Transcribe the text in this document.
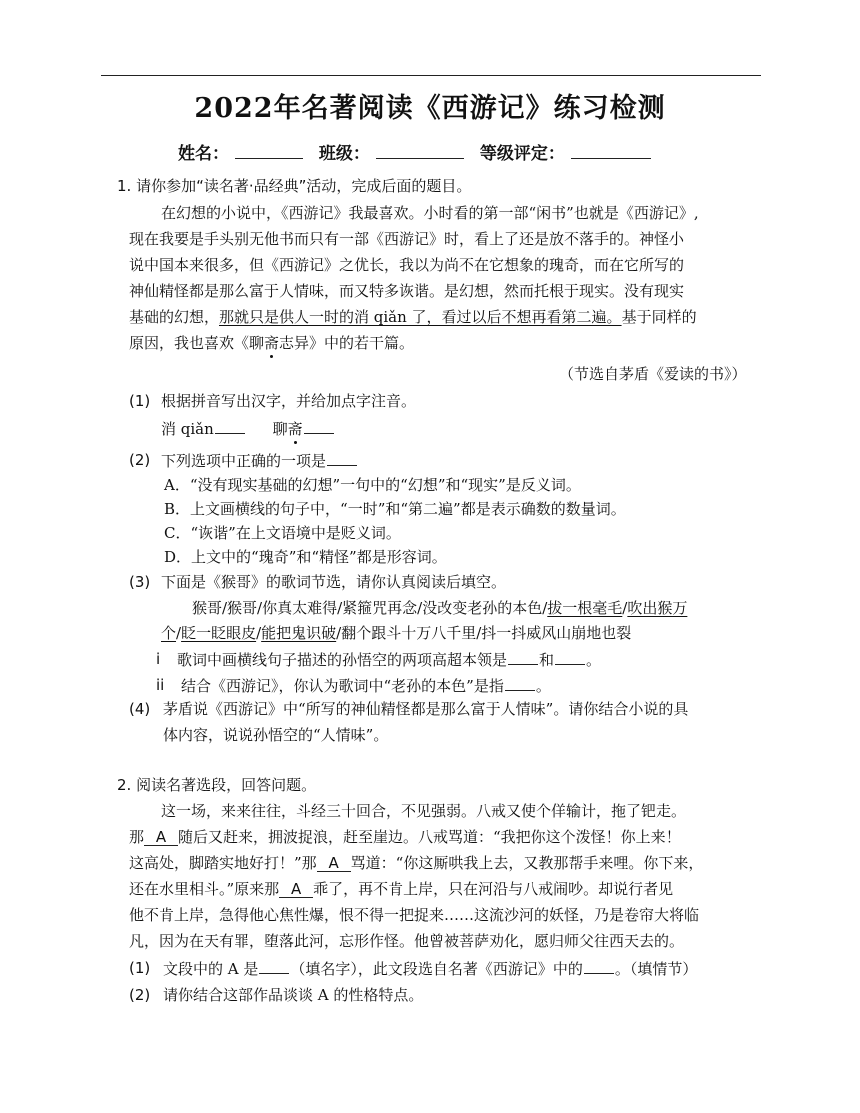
2022年名著阅读《西游记》练习检测
姓名：	班级：	等级评定：
1. 请你参加“读名著·品经典”活动，完成后面的题目。
在幻想的小说中，《西游记》我最喜欢。小时看的第一部“闲书”也就是《西游记》,
现在我要是手头别无他书而只有一部《西游记》时，看上了还是放不落手的。神怪小
说中国本来很多，但《西游记》之优长，我以为尚不在它想象的瑰奇，而在它所写的
神仙精怪都是那么富于人情味，而又特多诙谐。是幻想，然而托根于现实。没有现实
基础的幻想，那就只是供人一时的消 qiǎn 了，看过以后不想再看第二遍。基于同样的
原因，我也喜欢《聊斋志异》中的若干篇。
（节选自茅盾《爱读的书》）
(1) 根据拼音写出汉字，并给加点字注音。
消 qiǎn	聊斋
(2) 下列选项中正确的一项是
A．“没有现实基础的幻想”一句中的“幻想”和“现实”是反义词。
B．上文画横线的句子中，“一时”和“第二遍”都是表示确数的数量词。
C．“诙谐”在上文语境中是贬义词。
D．上文中的“瑰奇”和“精怪”都是形容词。
(3) 下面是《猴哥》的歌词节选，请你认真阅读后填空。
猴哥/猴哥/你真太难得/紧箍咒再念/没改变老孙的本色/拔一根毫毛/吹出猴万
个/眨一眨眼皮/能把鬼识破/翻个跟斗十万八千里/抖一抖威风山崩地也裂
i 歌词中画横线句子描述的孙悟空的两项高超本领是 和 。
ii 结合《西游记》，你认为歌词中“老孙的本色”是指 。
(4) 茅盾说《西游记》中“所写的神仙精怪都是那么富于人情味”。请你结合小说的具
体内容，说说孙悟空的“人情味”。
2. 阅读名著选段，回答问题。
这一场，来来往往，斗经三十回合，不见强弱。八戒又使个佯输计，拖了钯走。
那 A 随后又赶来，拥波捉浪，赶至崖边。八戒骂道：“我把你这个泼怪！你上来！
这高处，脚踏实地好打！”那 A 骂道：“你这厮哄我上去，又教那帮手来哩。你下来，
还在水里相斗。”原来那 A 乖了，再不肯上岸，只在河沿与八戒闹吵。却说行者见
他不肯上岸，急得他心焦性爆，恨不得一把捉来……这流沙河的妖怪，乃是卷帘大将临
凡，因为在天有罪，堕落此河，忘形作怪。他曾被菩萨劝化，愿归师父往西天去的。
(1) 文段中的 A 是 （填名字），此文段选自名著《西游记》中的 。（填情节）
(2) 请你结合这部作品谈谈 A 的性格特点。
